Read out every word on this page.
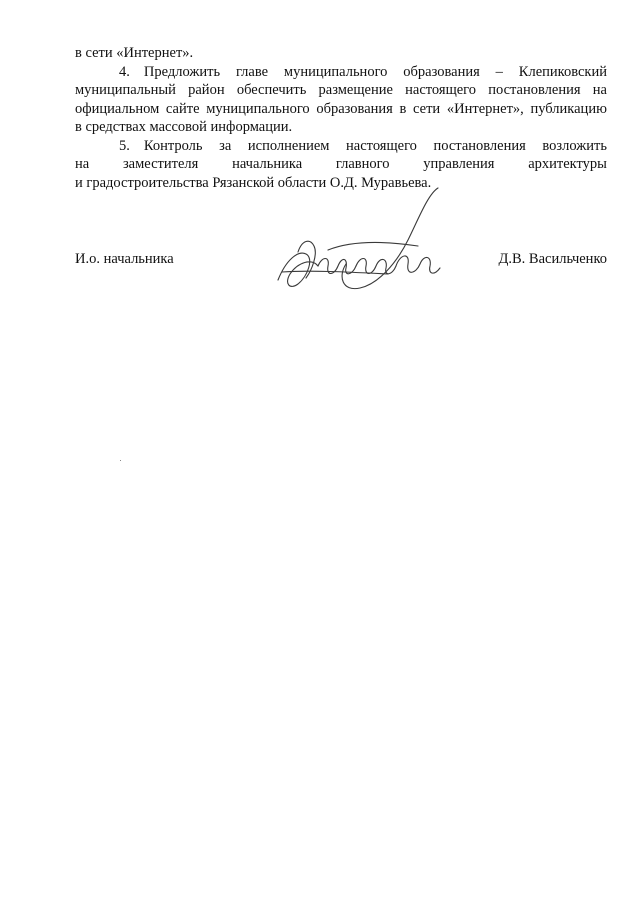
в сети «Интернет».
4. Предложить главе муниципального образования – Клепиковский
муниципальный район обеспечить размещение настоящего постановления на
официальном сайте муниципального образования в сети «Интернет», публикацию
в средствах массовой информации.
5. Контроль за исполнением настоящего постановления возложить
на заместителя начальника главного управления архитектуры
и градостроительства Рязанской области О.Д. Муравьева.
И.о. начальника	Д.В. Васильченко
